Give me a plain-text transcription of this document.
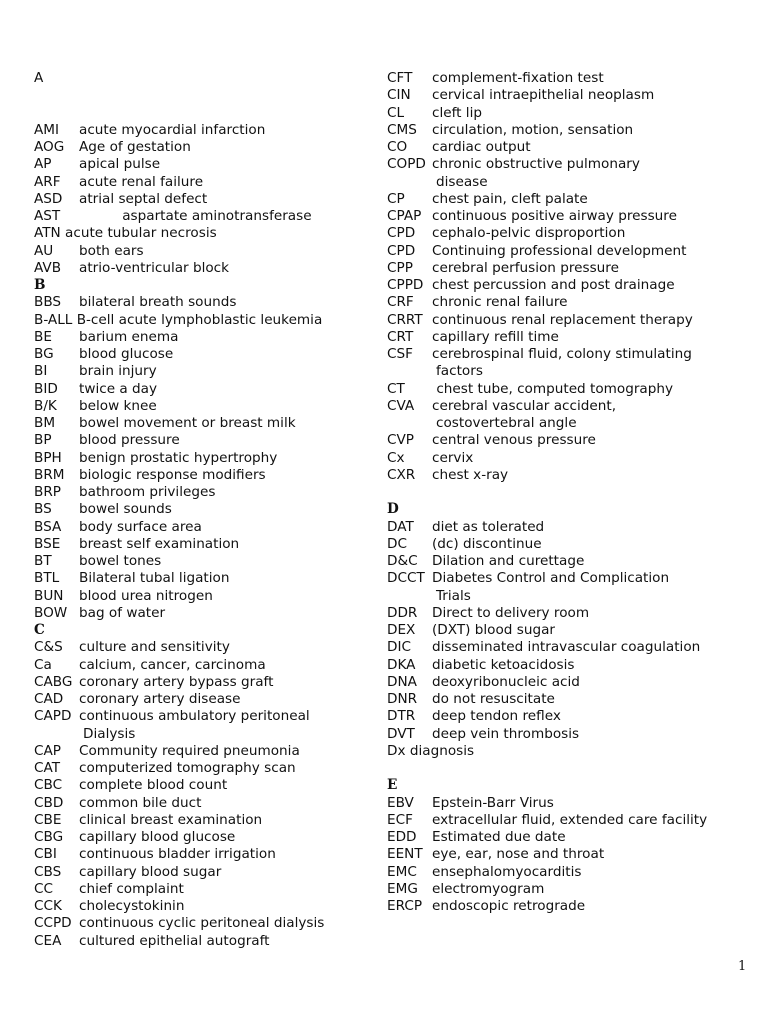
A
AMI acute myocardial infarction
AOG Age of gestation
AP apical pulse
ARF acute renal failure
ASD atrial septal defect
AST aspartate aminotransferase
ATN acute tubular necrosis
AU both ears
AVB atrio-ventricular block
B
BBS bilateral breath sounds
B-ALL B-cell acute lymphoblastic leukemia
BE barium enema
BG blood glucose
BI brain injury
BID twice a day
B/K below knee
BM bowel movement or breast milk
BP blood pressure
BPH benign prostatic hypertrophy
BRM biologic response modifiers
BRP bathroom privileges
BS bowel sounds
BSA body surface area
BSE breast self examination
BT bowel tones
BTL Bilateral tubal ligation
BUN blood urea nitrogen
BOW bag of water
C
C&S culture and sensitivity
Ca calcium, cancer, carcinoma
CABG coronary artery bypass graft
CAD coronary artery disease
CAPD continuous ambulatory peritoneal
Dialysis
CAP Community required pneumonia
CAT computerized tomography scan
CBC complete blood count
CBD common bile duct
CBE clinical breast examination
CBG capillary blood glucose
CBI continuous bladder irrigation
CBS capillary blood sugar
CC chief complaint
CCK cholecystokinin
CCPD continuous cyclic peritoneal dialysis
CEA cultured epithelial autograft
CFT complement-fixation test
CIN cervical intraepithelial neoplasm
CL cleft lip
CMS circulation, motion, sensation
CO cardiac output
COPD chronic obstructive pulmonary
disease
CP chest pain, cleft palate
CPAP continuous positive airway pressure
CPD cephalo-pelvic disproportion
CPD Continuing professional development
CPP cerebral perfusion pressure
CPPD chest percussion and post drainage
CRF chronic renal failure
CRRT continuous renal replacement therapy
CRT capillary refill time
CSF cerebrospinal fluid, colony stimulating
factors
CT chest tube, computed tomography
CVA cerebral vascular accident,
costovertebral angle
CVP central venous pressure
Cx cervix
CXR chest x-ray
D
DAT diet as tolerated
DC (dc) discontinue
D&C Dilation and curettage
DCCT Diabetes Control and Complication
Trials
DDR Direct to delivery room
DEX (DXT) blood sugar
DIC disseminated intravascular coagulation
DKA diabetic ketoacidosis
DNA deoxyribonucleic acid
DNR do not resuscitate
DTR deep tendon reflex
DVT deep vein thrombosis
Dx diagnosis
E
EBV Epstein-Barr Virus
ECF extracellular fluid, extended care facility
EDD Estimated due date
EENT eye, ear, nose and throat
EMC ensephalomyocarditis
EMG electromyogram
ERCP endoscopic retrograde
1
